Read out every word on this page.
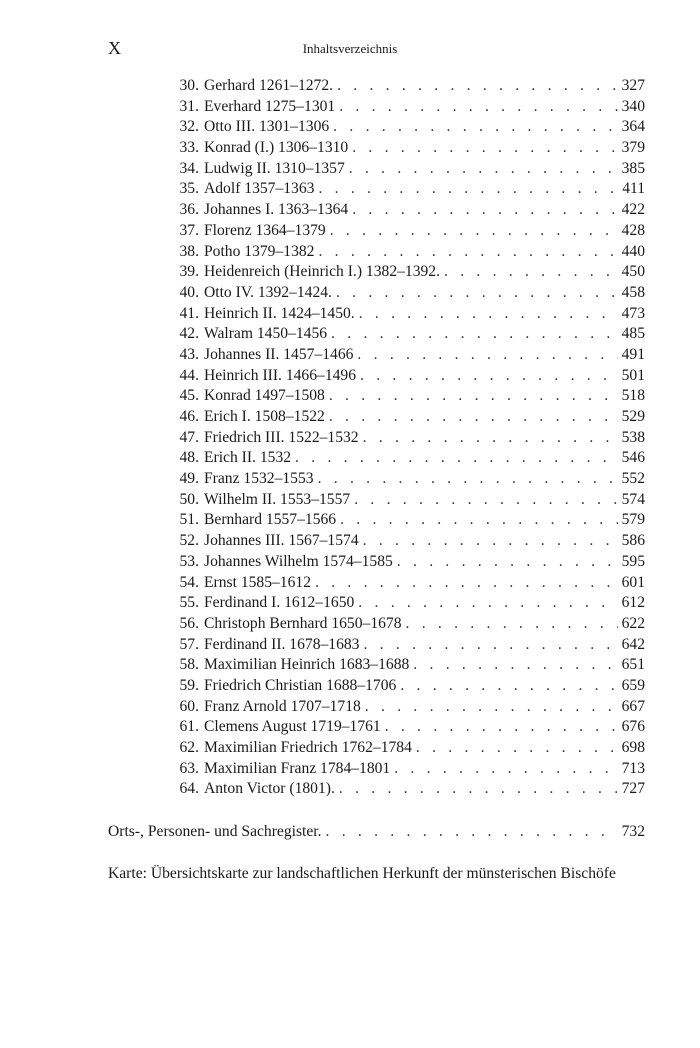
X	Inhaltsverzeichnis
30. Gerhard 1261–1272. . . .	327
31. Everhard 1275–1301 . . .	340
32. Otto III. 1301–1306 . . .	364
33. Konrad (I.) 1306–1310 . . .	379
34. Ludwig II. 1310–1357 . . .	385
35. Adolf 1357–1363 . . .	411
36. Johannes I. 1363–1364 . . .	422
37. Florenz 1364–1379 . . .	428
38. Potho 1379–1382 . . .	440
39. Heidenreich (Heinrich I.) 1382–1392. . . .	450
40. Otto IV. 1392–1424. . . .	458
41. Heinrich II. 1424–1450. . . .	473
42. Walram 1450–1456 . . .	485
43. Johannes II. 1457–1466 . . .	491
44. Heinrich III. 1466–1496 . . .	501
45. Konrad 1497–1508 . . .	518
46. Erich I. 1508–1522 . . .	529
47. Friedrich III. 1522–1532 . . .	538
48. Erich II. 1532 . . .	546
49. Franz 1532–1553 . . .	552
50. Wilhelm II. 1553–1557 . . .	574
51. Bernhard 1557–1566 . . .	579
52. Johannes III. 1567–1574 . . .	586
53. Johannes Wilhelm 1574–1585 . . .	595
54. Ernst 1585–1612 . . .	601
55. Ferdinand I. 1612–1650 . . .	612
56. Christoph Bernhard 1650–1678 . . .	622
57. Ferdinand II. 1678–1683 . . .	642
58. Maximilian Heinrich 1683–1688 . . .	651
59. Friedrich Christian 1688–1706 . . .	659
60. Franz Arnold 1707–1718 . . .	667
61. Clemens August 1719–1761 . . .	676
62. Maximilian Friedrich 1762–1784 . . .	698
63. Maximilian Franz 1784–1801 . . .	713
64. Anton Victor (1801). . . .	727
Orts-, Personen- und Sachregister. . . .	732
Karte: Übersichtskarte zur landschaftlichen Herkunft der münsterischen Bischöfe
